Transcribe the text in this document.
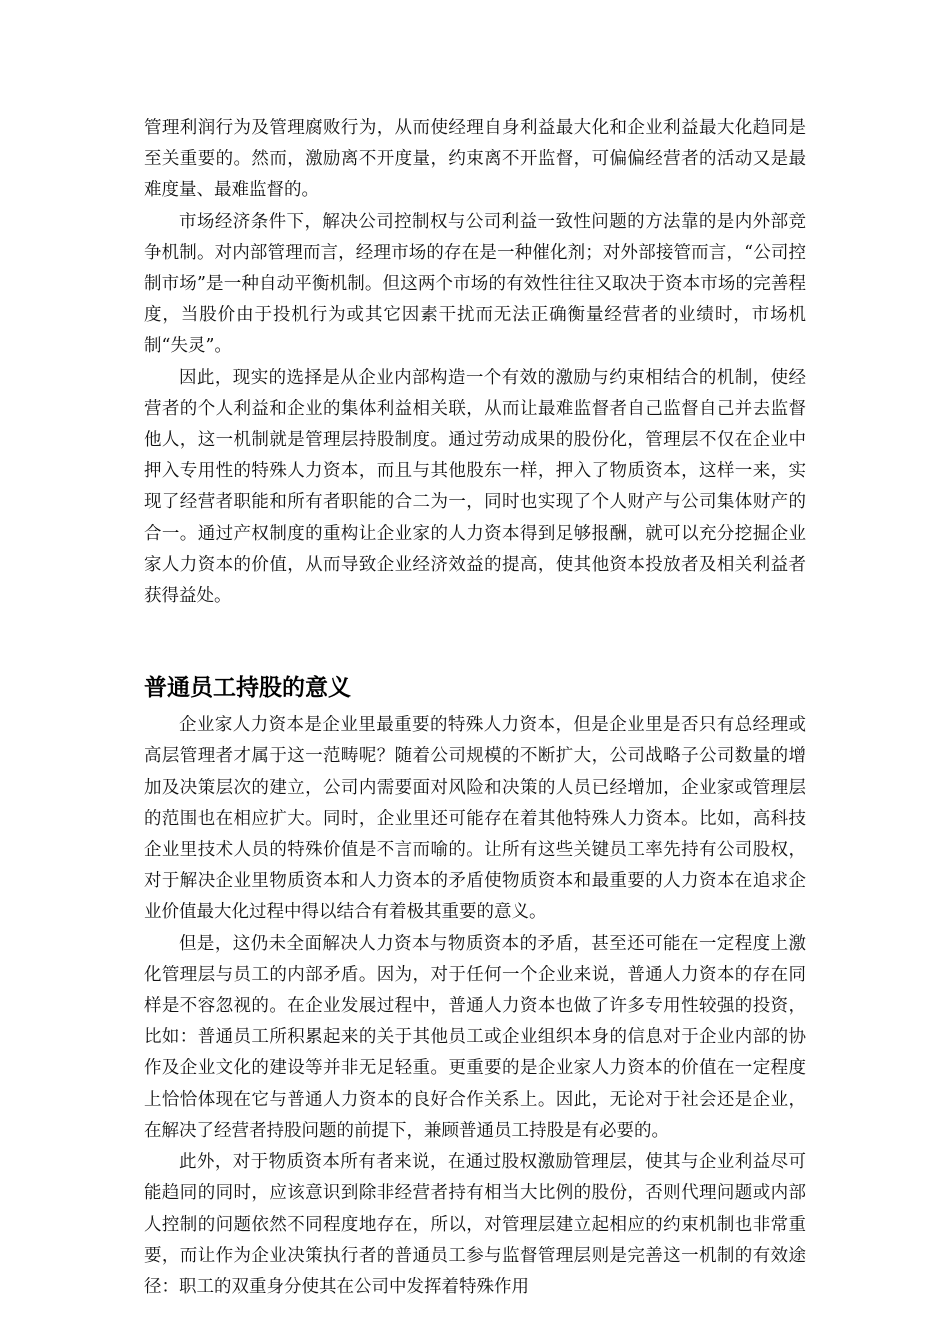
管理利润行为及管理腐败行为，从而使经理自身利益最大化和企业利益最大化趋同是至关重要的。然而，激励离不开度量，约束离不开监督，可偏偏经营者的活动又是最难度量、最难监督的。

市场经济条件下，解决公司控制权与公司利益一致性问题的方法靠的是内外部竞争机制。对内部管理而言，经理市场的存在是一种催化剂；对外部接管而言，“公司控制市场”是一种自动平衡机制。但这两个市场的有效性往往又取决于资本市场的完善程度，当股价由于投机行为或其它因素干扰而无法正确衡量经营者的业绩时，市场机制“失灵”。

因此，现实的选择是从企业内部构造一个有效的激励与约束相结合的机制，使经营者的个人利益和企业的集体利益相关联，从而让最难监督者自己监督自己并去监督他人，这一机制就是管理层持股制度。通过劳动成果的股份化，管理层不仅在企业中押入专用性的特殊人力资本，而且与其他股东一样，押入了物质资本，这样一来，实现了经营者职能和所有者职能的合二为一，同时也实现了个人财产与公司集体财产的合一。通过产权制度的重构让企业家的人力资本得到足够报酬，就可以充分挖掘企业家人力资本的价值，从而导致企业经济效益的提高，使其他资本投放者及相关利益者获得益处。

普通员工持股的意义

企业家人力资本是企业里最重要的特殊人力资本，但是企业里是否只有总经理或高层管理者才属于这一范畴呢？随着公司规模的不断扩大，公司战略子公司数量的增加及决策层次的建立，公司内需要面对风险和决策的人员已经增加，企业家或管理层的范围也在相应扩大。同时，企业里还可能存在着其他特殊人力资本。比如，高科技企业里技术人员的特殊价值是不言而喻的。让所有这些关键员工率先持有公司股权，对于解决企业里物质资本和人力资本的矛盾使物质资本和最重要的人力资本在追求企业价值最大化过程中得以结合有着极其重要的意义。

但是，这仍未全面解决人力资本与物质资本的矛盾，甚至还可能在一定程度上激化管理层与员工的内部矛盾。因为，对于任何一个企业来说，普通人力资本的存在同样是不容忽视的。在企业发展过程中，普通人力资本也做了许多专用性较强的投资，比如：普通员工所积累起来的关于其他员工或企业组织本身的信息对于企业内部的协作及企业文化的建设等并非无足轻重。更重要的是企业家人力资本的价值在一定程度上恰恰体现在它与普通人力资本的良好合作关系上。因此，无论对于社会还是企业，在解决了经营者持股问题的前提下，兼顾普通员工持股是有必要的。

此外，对于物质资本所有者来说，在通过股权激励管理层，使其与企业利益尽可能趋同的同时，应该意识到除非经营者持有相当大比例的股份，否则代理问题或内部人控制的问题依然不同程度地存在，所以，对管理层建立起相应的约束机制也非常重要，而让作为企业决策执行者的普通员工参与监督管理层则是完善这一机制的有效途径：职工的双重身分使其在公司中发挥着特殊作用
